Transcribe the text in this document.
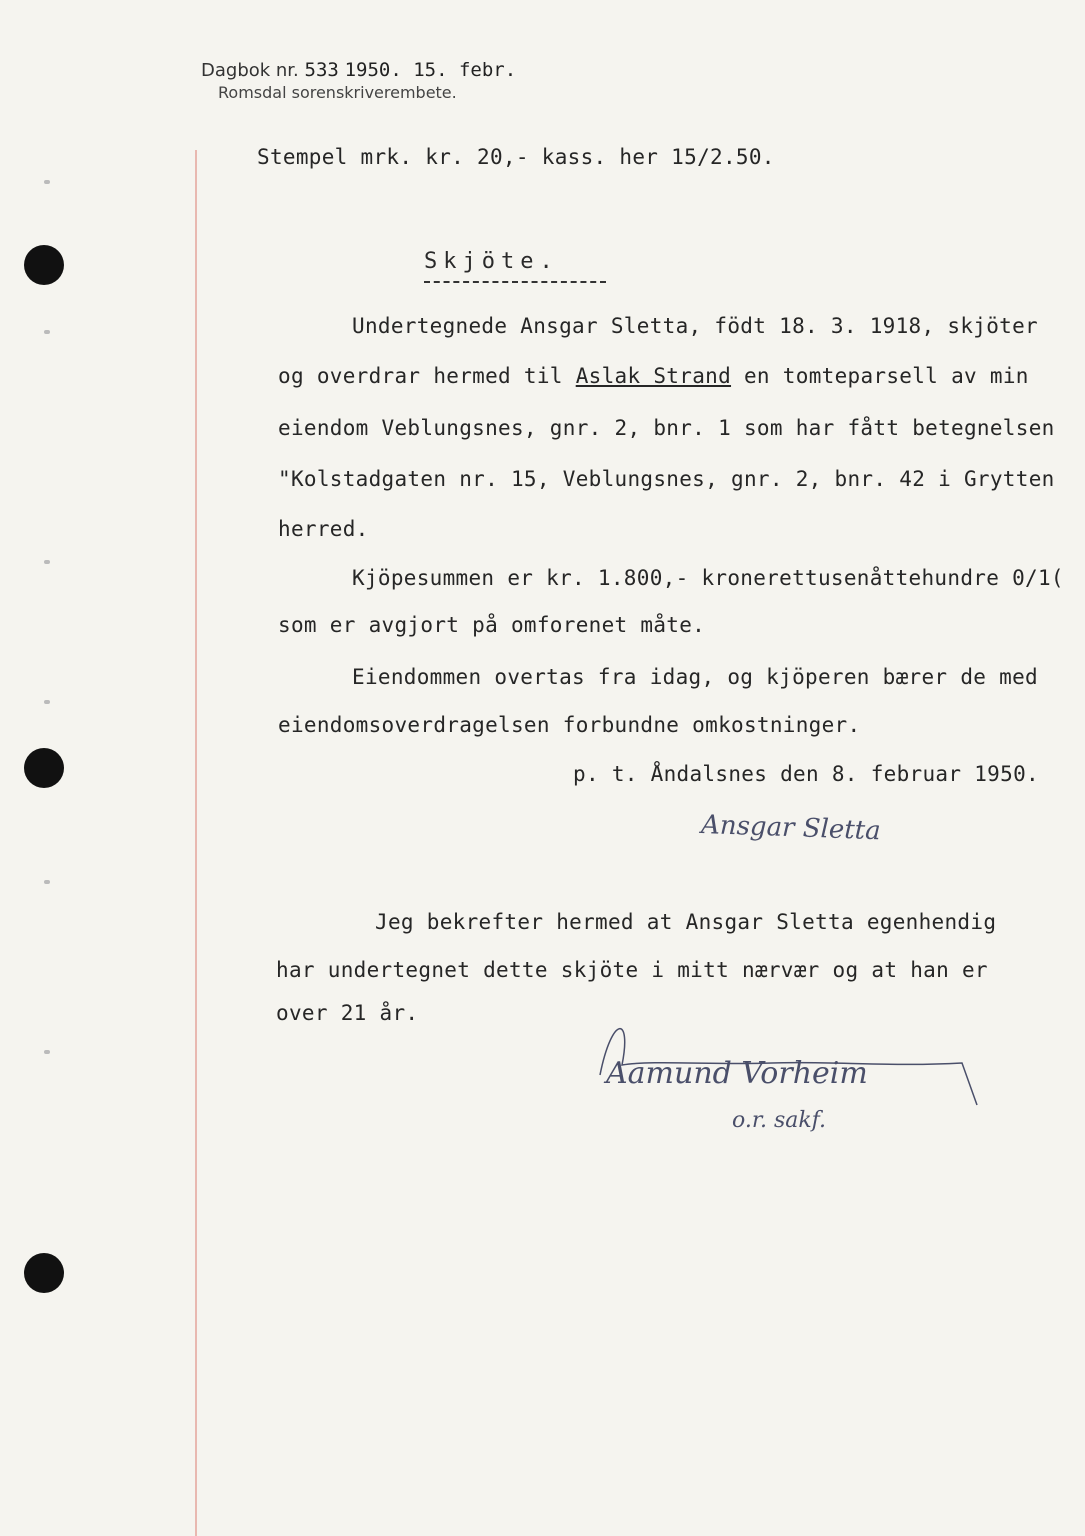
Dagbok nr. 533 1950. 15. febr.
Romsdal sorenskriverembete.
Stempel mrk. kr. 20,- kass. her 15/2.50.
Skjöte.
Undertegnede Ansgar Sletta, födt 18. 3. 1918, skjöter
og overdrar hermed til Aslak Strand en tomteparsell av min
eiendom Veblungsnes, gnr. 2, bnr. 1 som har fått betegnelsen
"Kolstadgaten nr. 15, Veblungsnes, gnr. 2, bnr. 42 i Grytten
herred.
Kjöpesummen er kr. 1.800,- kronerettusenåttehundre 0/1(
som er avgjort på omforenet måte.
Eiendommen overtas fra idag, og kjöperen bærer de med
eiendomsoverdragelsen forbundne omkostninger.
p. t. Åndalsnes den 8. februar 1950.
Ansgar Sletta
Jeg bekrefter hermed at Ansgar Sletta egenhendig
har undertegnet dette skjöte i mitt nærvær og at han er
over 21 år.
Aamund Vorheim
o.r. sakf.
